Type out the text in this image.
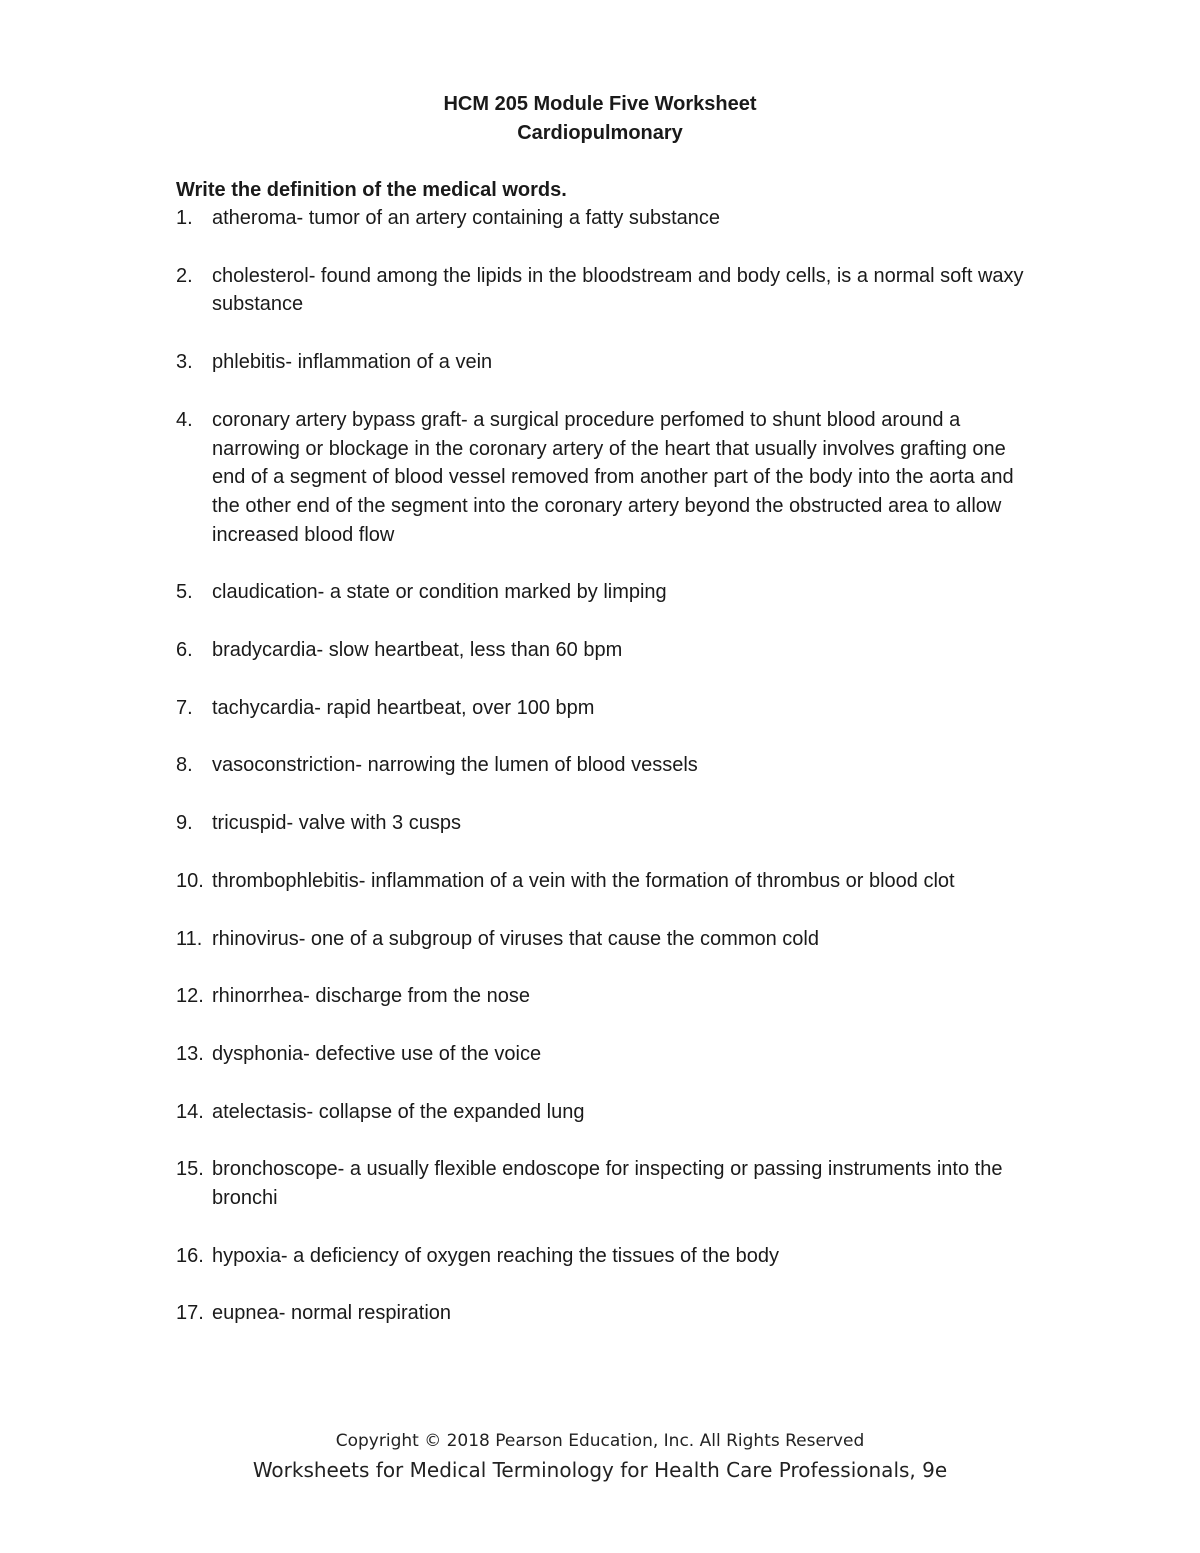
HCM 205 Module Five Worksheet
Cardiopulmonary
Write the definition of the medical words.
1. atheroma- tumor of an artery containing a fatty substance
2. cholesterol- found among the lipids in the bloodstream and body cells, is a normal soft waxy substance
3. phlebitis- inflammation of a vein
4. coronary artery bypass graft- a surgical procedure perfomed to shunt blood around a narrowing or blockage in the coronary artery of the heart that usually involves grafting one end of a segment of blood vessel removed from another part of the body into the aorta and the other end of the segment into the coronary artery beyond the obstructed area to allow increased blood flow
5. claudication- a state or condition marked by limping
6. bradycardia- slow heartbeat, less than 60 bpm
7. tachycardia- rapid heartbeat, over 100 bpm
8. vasoconstriction- narrowing the lumen of blood vessels
9. tricuspid- valve with 3 cusps
10. thrombophlebitis- inflammation of a vein with the formation of thrombus or blood clot
11. rhinovirus- one of a subgroup of viruses that cause the common cold
12. rhinorrhea- discharge from the nose
13. dysphonia- defective use of the voice
14. atelectasis- collapse of the expanded lung
15. bronchoscope- a usually flexible endoscope for inspecting or passing instruments into the bronchi
16. hypoxia- a deficiency of oxygen reaching the tissues of the body
17. eupnea- normal respiration
Copyright © 2018 Pearson Education, Inc. All Rights Reserved
Worksheets for Medical Terminology for Health Care Professionals, 9e
